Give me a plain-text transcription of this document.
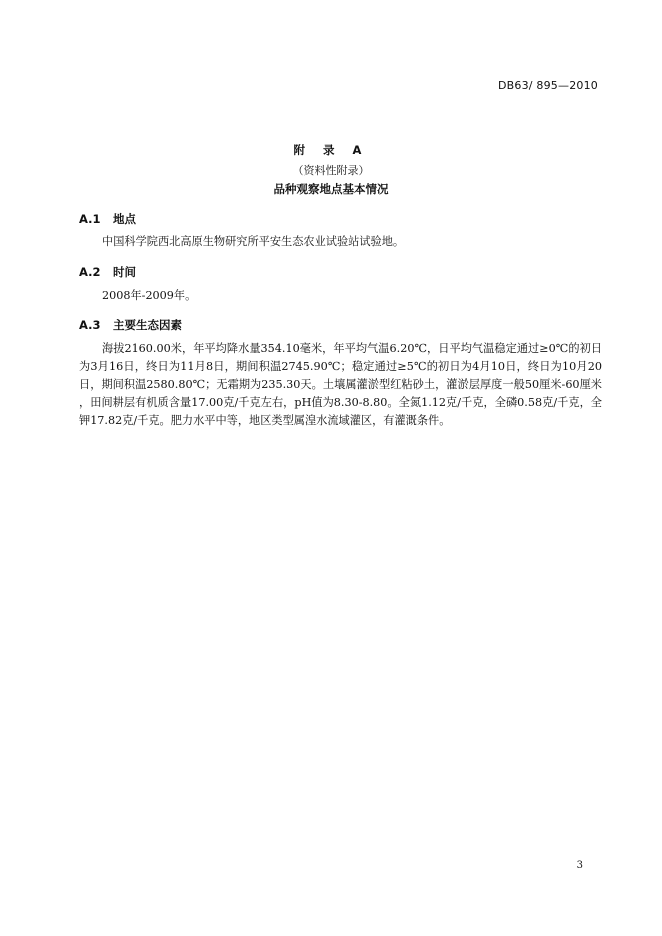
DB63/ 895—2010
附 录 A
（资料性附录）
品种观察地点基本情况
A.1 地点
中国科学院西北高原生物研究所平安生态农业试验站试验地。
A.2 时间
2008年-2009年。
A.3 主要生态因素
海拔2160.00米，年平均降水量354.10毫米，年平均气温6.20℃，日平均气温稳定通过≥0℃的初日为3月16日，终日为11月8日，期间积温2745.90℃；稳定通过≥5℃的初日为4月10日，终日为10月20日，期间积温2580.80℃；无霜期为235.30天。土壤属灌淤型红粘砂土，灌淤层厚度一般50厘米-60厘米 ，田间耕层有机质含量17.00克/千克左右，pH值为8.30-8.80。全氮1.12克/千克，全磷0.58克/千克，全钾17.82克/千克。肥力水平中等，地区类型属湟水流域灌区，有灌溉条件。
3
